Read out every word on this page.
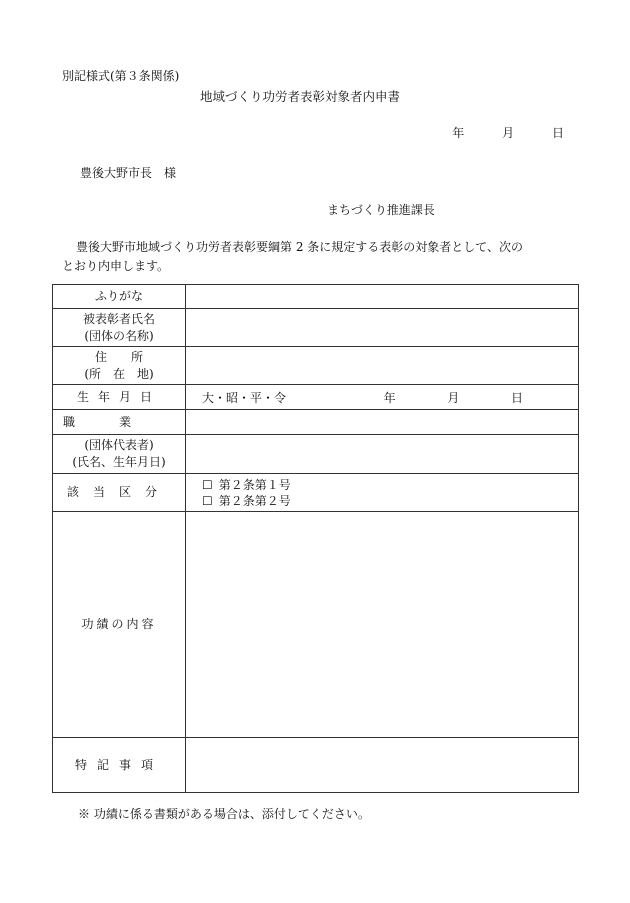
別記様式(第３条関係)
地域づくり功労者表彰対象者内申書
年	月	日
豊後大野市長　様
まちづくり推進課長
豊後大野市地域づくり功労者表彰要綱第 2 条に規定する表彰の対象者として、次の
とおり内申します。
ふりがな	

被表彰者氏名
(団体の名称)	

住　　所
(所　在　地)	

生年月日	大・昭・平・令 年 月 日
職業	

(団体代表者)
(氏名、生年月日)	

該当区分	☐ 第２条第１号
☐ 第２条第２号

功績の内容	
特記事項	
※ 功績に係る書類がある場合は、添付してください。
